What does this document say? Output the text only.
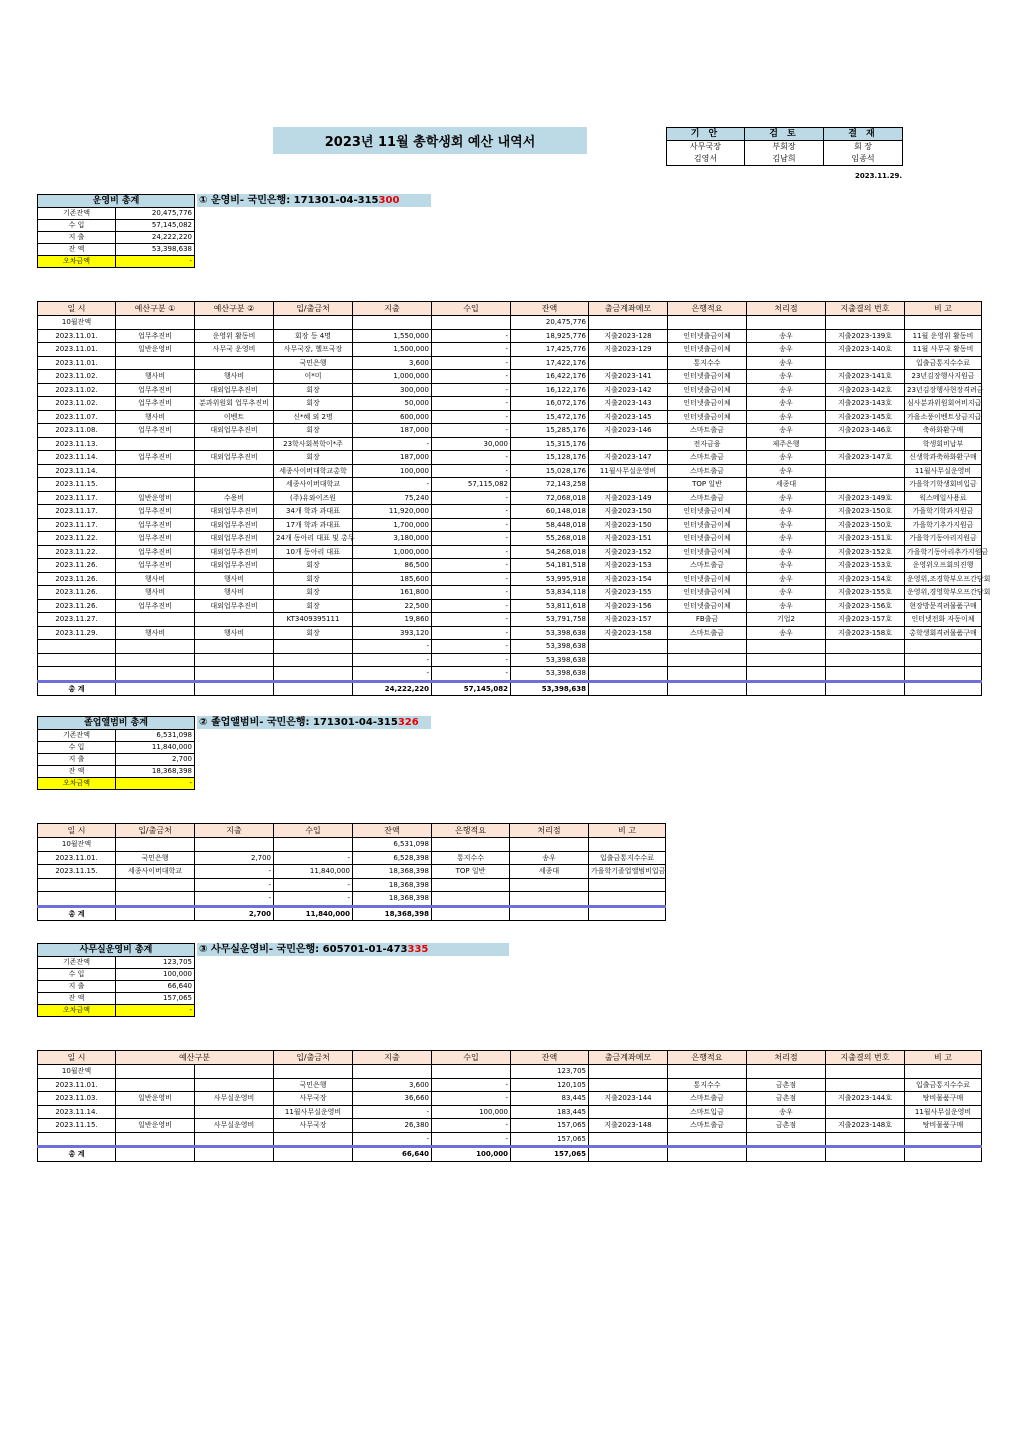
2023년 11월 총학생회 예산 내역서
기 안	검 토	결 재
사무국장	부회장	회 장
김영서	김남희	임종석
2023.11.29.
운영비 총계	
기존잔액	20,475,776
수 입	57,145,082
지 출	24,222,220
잔 액	53,398,638
오차금액	-
① 운영비- 국민은행: 171301-04-315300
일 시	예산구분 ①	예산구분 ②	입/출금처	지출	수입	잔액	출금계좌메모	은행적요	처리점	지출결의 번호	비 고
10월잔액						20,475,776					
2023.11.01.	업무추진비	운영위 활동비	회장 등 4명	1,550,000	-	18,925,776	지출2023-128	인터넷출금이체	송우	지출2023-139호	11월 운영위 활동비
2023.11.01.	일반운영비	사무국 운영비	사무국장, 헬프국장	1,500,000	-	17,425,776	지출2023-129	인터넷출금이체	송우	지출2023-140호	11월 사무국 활동비
2023.11.01.			국민은행	3,600	-	17,422,176		통지수수	송우		입출금통지수수료
2023.11.02.	행사비	행사비	이*미	1,000,000	-	16,422,176	지출2023-141	인터넷출금이체	송우	지출2023-141호	23년김장행사지원금
2023.11.02.	업무추진비	대외업무추진비	회장	300,000	-	16,122,176	지출2023-142	인터넷출금이체	송우	지출2023-142호	23년김장행사현장격려금
2023.11.02.	업무추진비	분과위원회 업무추진비	회장	50,000	-	16,072,176	지출2023-143	인터넷출금이체	송우	지출2023-143호	심사분과위원회여비지급
2023.11.07.	행사비	이벤트	신*혜 외 2명	600,000	-	15,472,176	지출2023-145	인터넷출금이체	송우	지출2023-145호	가을소풍이벤트상금지급
2023.11.08.	업무추진비	대외업무추진비	회장	187,000	-	15,285,176	지출2023-146	스마트출금	송우	지출2023-146호	축하화환구매
2023.11.13.			23학사회복학이*주	-	30,000	15,315,176		전자금융	제주은행		학생회비납부
2023.11.14.	업무추진비	대외업무추진비	회장	187,000	-	15,128,176	지출2023-147	스마트출금	송우	지출2023-147호	신생학과축하화환구매
2023.11.14.			세종사이버대학교총학	100,000	-	15,028,176	11월사무실운영비	스마트출금	송우		11월사무실운영비
2023.11.15.			세종사이버대학교	-	57,115,082	72,143,258		TOP 일반	세종대		가을학기학생회비입금
2023.11.17.	일반운영비	수용비	(주)유와이즈원	75,240	-	72,068,018	지출2023-149	스마트출금	송우	지출2023-149호	웍스메일사용료
2023.11.17.	업무추진비	대외업무추진비	34개 학과 과대표	11,920,000	-	60,148,018	지출2023-150	인터넷출금이체	송우	지출2023-150호	가을학기학과지원금
2023.11.17.	업무추진비	대외업무추진비	17개 학과 과대표	1,700,000	-	58,448,018	지출2023-150	인터넷출금이체	송우	지출2023-150호	가을학기추가지원금
2023.11.22.	업무추진비	대외업무추진비	24개 동아리 대표 및 총무	3,180,000	-	55,268,018	지출2023-151	인터넷출금이체	송우	지출2023-151호	가을학기동아리지원금
2023.11.22.	업무추진비	대외업무추진비	10개 동아리 대표	1,000,000	-	54,268,018	지출2023-152	인터넷출금이체	송우	지출2023-152호	가을학기동아리추가지원금
2023.11.26.	업무추진비	대외업무추진비	회장	86,500	-	54,181,518	지출2023-153	스마트출금	송우	지출2023-153호	운영위오프회의진행
2023.11.26.	행사비	행사비	회장	185,600	-	53,995,918	지출2023-154	인터넷출금이체	송우	지출2023-154호	운영위,조경학부오프간담회
2023.11.26.	행사비	행사비	회장	161,800	-	53,834,118	지출2023-155	인터넷출금이체	송우	지출2023-155호	운영위,경영학부오프간담회
2023.11.26.	업무추진비	대외업무추진비	회장	22,500	-	53,811,618	지출2023-156	인터넷출금이체	송우	지출2023-156호	현장방문격려물품구매
2023.11.27.			KT3409395111	19,860	-	53,791,758	지출2023-157	FB출금	기업2	지출2023-157호	인터넷전화 자동이체
2023.11.29.	행사비	행사비	회장	393,120	-	53,398,638	지출2023-158	스마트출금	송우	지출2023-158호	총학생회격려물품구매
				-	-	53,398,638					
				-	-	53,398,638					
				-	-	53,398,638					
총 계				24,222,220	57,145,082	53,398,638					
졸업앨범비 총계	
기존잔액	6,531,098
수 입	11,840,000
지 출	2,700
잔 액	18,368,398
오차금액	-
② 졸업앨범비- 국민은행: 171301-04-315326
일 시	입/출금처	지출	수입	잔액	은행적요	처리점	비 고
10월잔액				6,531,098			
2023.11.01.	국민은행	2,700	-	6,528,398	통지수수	송우	입출금통지수수료
2023.11.15.	세종사이버대학교	-	11,840,000	18,368,398	TOP 일반	세종대	가을학기졸업앨범비입금
		-	-	18,368,398			
		-	-	18,368,398			
총 계		2,700	11,840,000	18,368,398			
사무실운영비 총계	
기존잔액	123,705
수 입	100,000
지 출	66,640
잔 액	157,065
오차금액	-
③ 사무실운영비- 국민은행: 605701-01-473335
일 시	예산구분		입/출금처	지출	수입	잔액	출금계좌메모	은행적요	처리점	지출결의 번호	비 고
10월잔액						123,705					
2023.11.01.			국민은행	3,600	-	120,105		통지수수	금촌점		입출금통지수수료
2023.11.03.	일반운영비	사무실운영비	사무국장	36,660	-	83,445	지출2023-144	스마트출금	금촌점	지출2023-144호	탕비물품구매
2023.11.14.			11월사무실운영비	-	100,000	183,445		스마트입금	송우		11월사무실운영비
2023.11.15.	일반운영비	사무실운영비	사무국장	26,380	-	157,065	지출2023-148	스마트출금	금촌점	지출2023-148호	탕비물품구매
				-	-	157,065					
총 계				66,640	100,000	157,065					
